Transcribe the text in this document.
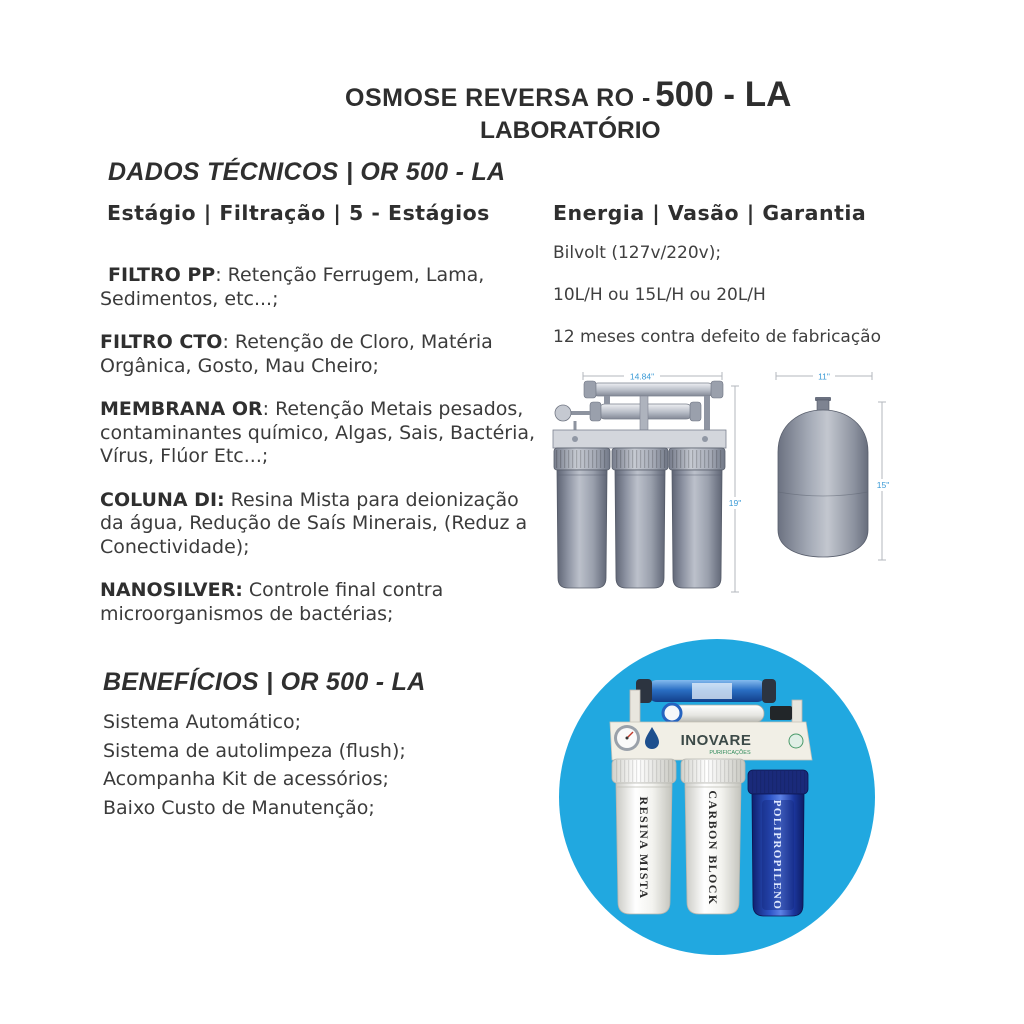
OSMOSE REVERSA RO - 500 - LA
LABORATÓRIO
DADOS TÉCNICOS | OR 500 - LA
Estágio | Filtração | 5 - Estágios	Energia | Vasão | Garantia

FILTRO PP: Retenção Ferrugem, Lama,
Sedimentos, etc...;

FILTRO CTO: Retenção de Cloro, Matéria
Orgânica, Gosto, Mau Cheiro;

MEMBRANA OR: Retenção Metais pesados,
contaminantes químico, Algas, Sais, Bactéria,
Vírus, Flúor Etc...;

COLUNA DI: Resina Mista para deionização
da água, Redução de Saís Minerais, (Reduz a
Conectividade);

NANOSILVER: Controle final contra
microorganismos de bactérias;

Bilvolt (127v/220v);
10L/H ou 15L/H ou 20L/H
12 meses contra defeito de fabricação
14.84"
19"
11"
15"
BENEFÍCIOS | OR 500 - LA
Sistema Automático;
Sistema de autolimpeza (flush);
Acompanha Kit de acessórios;
Baixo Custo de Manutenção;
INOVARE
PURIFICAÇÕES
RESINA MISTA	CARBON BLOCK	POLIPROPILENO
